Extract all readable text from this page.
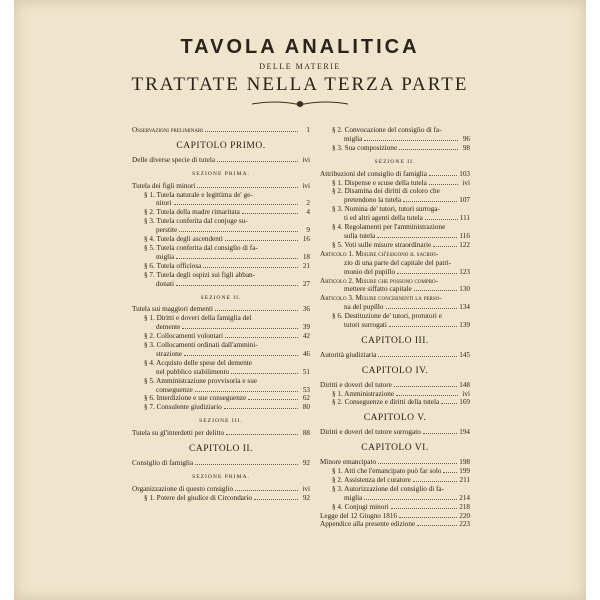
TAVOLA ANALITICA
DELLE MATERIE
TRATTATE NELLA TERZA PARTE
Osservazioni preliminari	1
CAPITOLO PRIMO.
Delle diverse specie di tutela	ivi
SEZIONE PRIMA.
Tutela dei figli minori	ivi
§ 1. Tutela naturale e legittima de' ge-
nitori	2
§ 2. Tutela della madre rimaritata	4
§ 3. Tutela conferita dal conjuge su-
perstite	9
§ 4. Tutela degli ascendenti	16
§ 5. Tutela conferita dal consiglio di fa-
miglia	18
§ 6. Tutela officiosa	21
§ 7. Tutela degli ospizi sui figli abban-
donati	27
SEZIONE II.
Tutela sui maggiori dementi	36
§ 1. Diritti e doveri della famiglia del
demente	39
§ 2. Collocamenti volontari	42
§ 3. Collocamenti ordinati dall'ammini-
strazione	46
§ 4. Acquisto delle spese del demente
nel pubblico stabilimento	51
§ 5. Amministrazione provvisoria e sue
conseguenze	53
§ 6. Interdizione e sue conseguenze	62
§ 7. Consulente giudiziario	80
SEZIONE III.
Tutela su gl'interdetti per delitto	88
CAPITOLO II.
Consiglio di famiglia	92
SEZIONE PRIMA.
Organizzazione di questo consiglio	ivi
§ 1. Potere del giudice di Circondario	92
§ 2. Convocazione del consiglio di fa-
miglia	96
§ 3. Sua composizione	98
SEZIONE II.
Attribuzioni del consiglio di famiglia	103
§ 1. Dispense e scuse della tutela	ivi
§ 2. Disamina dei diritti di coloro che
pretendono la tutela	107
§ 3. Nomina de' tutori, tutori surroga-
ti ed altri agenti della tutela	111
§ 4. Regolamenti per l'amministrazione
sulla tutela	116
§ 5. Voti sulle misure straordinarie	122
Articolo 1. Misure ch'esigono il sacrifi-
zio di una parte del capitale del patri-
monio del pupillo	123
Articolo 2. Misure che possono compro-
mettere siffatto capitale	130
Articolo 3. Misure concernenti la perso-
na del pupillo	134
§ 6. Destituzione de' tutori, protutori e
tutori surrogati	139
CAPITOLO III.
Autorità giudiziaria	145
CAPITOLO IV.
Diritti e doveri del tutore	148
§ 1. Amministrazione	ivi
§ 2. Conseguenze e diritti della tutela	169
CAPITOLO V.
Diritti e doveri del tutore surrogato	194
CAPITOLO VI.
Minore emancipato	198
§ 1. Atti che l'emancipato può far solo 199
§ 2. Assistenza del curatore	211
§ 3. Autorizzazione del consiglio di fa-
miglia	214
§ 4. Conjugi minori	218
Legge del 12 Giugno 1816	220
Appendice alla presente edizione	223
